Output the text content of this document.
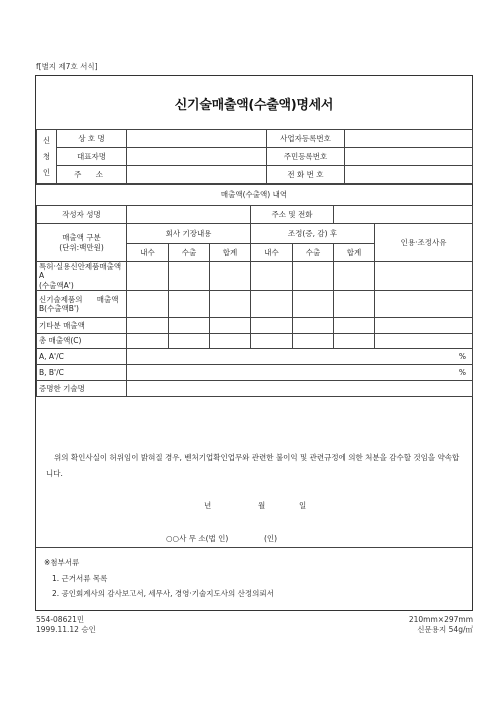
f[별지 제7호 서식]
신기술매출액(수출액)명세서
신
청
인	상 호 명		사업자등록번호	
	대표자명		주민등록번호	
	주 소		전 화 번 호	
매출액(수출액) 내역
작성자 성명				주소 및 전화			
매출액 구분
(단위:백만원)	회사 기장내용			조정(증, 감) 후			인용·조정사유
	내수	수출	합계	내수	수출	합계	
특허·실용신안제품매출액A
(수출액A')							
신기술제품의      매출액
B(수출액B')							
기타분 매출액							
총 매출액(C)							
A, A'/C	%						
B, B'/C	%						
증명한 기술명							
위의 확인사실이 허위임이 밝혀질 경우, 벤처기업확인업무와 관련한 불이익 및 관련규정에 의한 처분을 감수할 것임을 약속합니다.
년	월	일
○○사 무 소(법 인)	(인)
※첨부서류
1. 근거서류 목록
2. 공인회계사의 감사보고서, 세무사, 경영·기술지도사의 산정의뢰서
554-08621민
1999.11.12 승인
210mm×297mm
신문용지 54g/㎡
